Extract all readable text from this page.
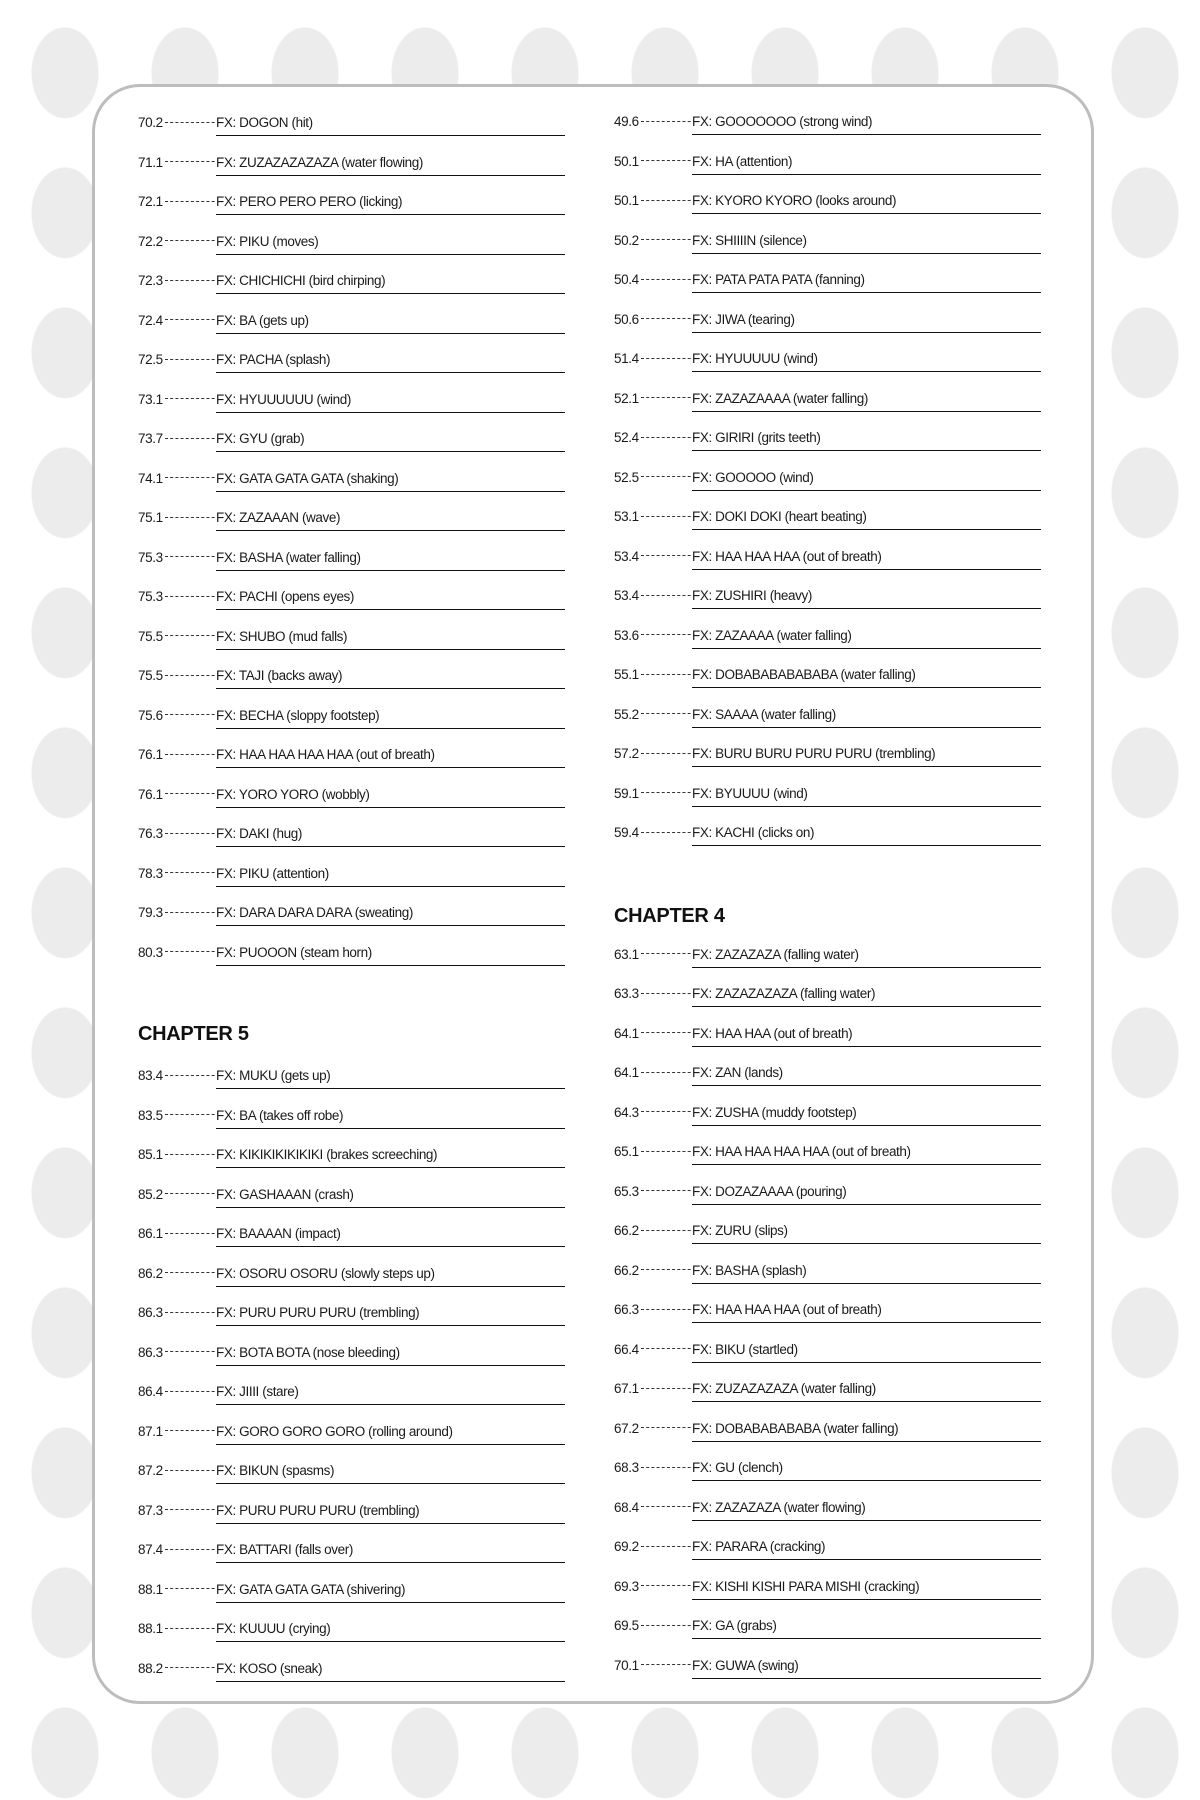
70.2	FX: DOGON (hit)
71.1	FX: ZUZAZAZAZAZA (water flowing)
72.1	FX: PERO PERO PERO (licking)
72.2	FX: PIKU (moves)
72.3	FX: CHICHICHI (bird chirping)
72.4	FX: BA (gets up)
72.5	FX: PACHA (splash)
73.1	FX: HYUUUUUU (wind)
73.7	FX: GYU (grab)
74.1	FX: GATA GATA GATA (shaking)
75.1	FX: ZAZAAAN (wave)
75.3	FX: BASHA (water falling)
75.3	FX: PACHI (opens eyes)
75.5	FX: SHUBO (mud falls)
75.5	FX: TAJI (backs away)
75.6	FX: BECHA (sloppy footstep)
76.1	FX: HAA HAA HAA HAA (out of breath)
76.1	FX: YORO YORO (wobbly)
76.3	FX: DAKI (hug)
78.3	FX: PIKU (attention)
79.3	FX: DARA DARA DARA (sweating)
80.3	FX: PUOOON (steam horn)
CHAPTER 5
83.4	FX: MUKU (gets up)
83.5	FX: BA (takes off robe)
85.1	FX: KIKIKIKIKIKIKI (brakes screeching)
85.2	FX: GASHAAAN (crash)
86.1	FX: BAAAAN (impact)
86.2	FX: OSORU OSORU (slowly steps up)
86.3	FX: PURU PURU PURU (trembling)
86.3	FX: BOTA BOTA (nose bleeding)
86.4	FX: JIIII (stare)
87.1	FX: GORO GORO GORO (rolling around)
87.2	FX: BIKUN (spasms)
87.3	FX: PURU PURU PURU (trembling)
87.4	FX: BATTARI (falls over)
88.1	FX: GATA GATA GATA (shivering)
88.1	FX: KUUUU (crying)
88.2	FX: KOSO (sneak)
49.6	FX: GOOOOOOO (strong wind)
50.1	FX: HA (attention)
50.1	FX: KYORO KYORO (looks around)
50.2	FX: SHIIIIN (silence)
50.4	FX: PATA PATA PATA (fanning)
50.6	FX: JIWA (tearing)
51.4	FX: HYUUUUU (wind)
52.1	FX: ZAZAZAAAA (water falling)
52.4	FX: GIRIRI (grits teeth)
52.5	FX: GOOOOO (wind)
53.1	FX: DOKI DOKI (heart beating)
53.4	FX: HAA HAA HAA (out of breath)
53.4	FX: ZUSHIRI (heavy)
53.6	FX: ZAZAAAA (water falling)
55.1	FX: DOBABABABABABA (water falling)
55.2	FX: SAAAA (water falling)
57.2	FX: BURU BURU PURU PURU (trembling)
59.1	FX: BYUUUU (wind)
59.4	FX: KACHI (clicks on)
CHAPTER 4
63.1	FX: ZAZAZAZA (falling water)
63.3	FX: ZAZAZAZAZA (falling water)
64.1	FX: HAA HAA (out of breath)
64.1	FX: ZAN (lands)
64.3	FX: ZUSHA (muddy footstep)
65.1	FX: HAA HAA HAA HAA (out of breath)
65.3	FX: DOZAZAAAA (pouring)
66.2	FX: ZURU (slips)
66.2	FX: BASHA (splash)
66.3	FX: HAA HAA HAA (out of breath)
66.4	FX: BIKU (startled)
67.1	FX: ZUZAZAZAZA (water falling)
67.2	FX: DOBABABABABA (water falling)
68.3	FX: GU (clench)
68.4	FX: ZAZAZAZA (water flowing)
69.2	FX: PARARA (cracking)
69.3	FX: KISHI KISHI PARA MISHI (cracking)
69.5	FX: GA (grabs)
70.1	FX: GUWA (swing)
